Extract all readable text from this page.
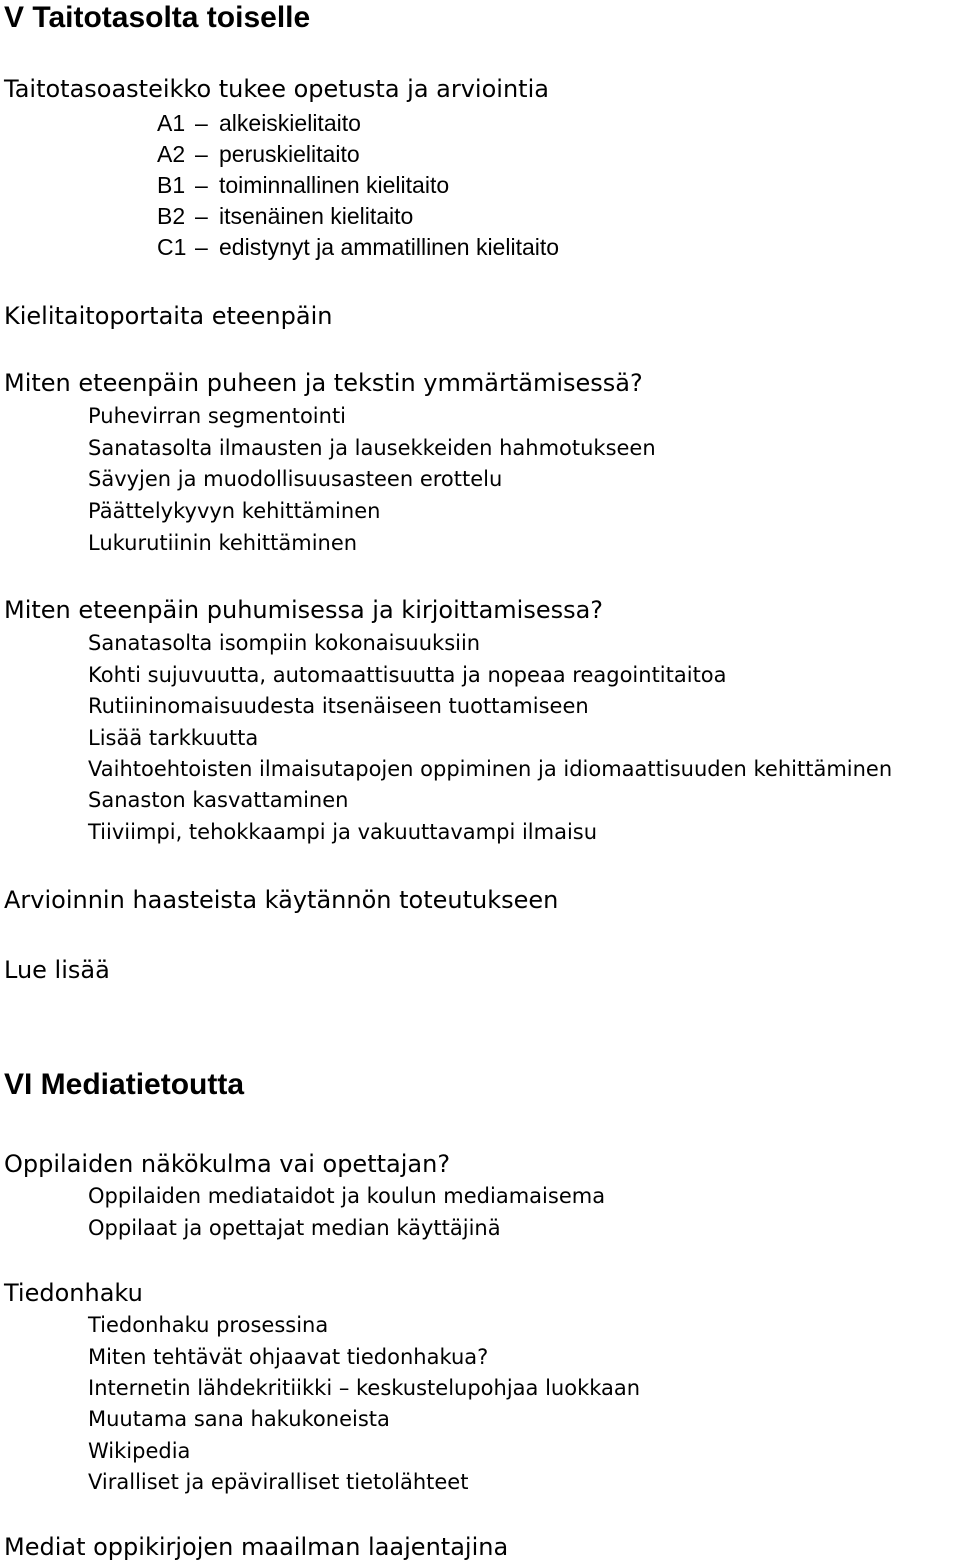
V Taitotasolta toiselle
Taitotasoasteikko tukee opetusta ja arviointia
A1 – alkeiskielitaito
A2 – peruskielitaito
B1 – toiminnallinen kielitaito
B2 – itsenäinen kielitaito
C1 – edistynyt ja ammatillinen kielitaito
Kielitaitoportaita eteenpäin
Miten eteenpäin puheen ja tekstin ymmärtämisessä?
Puhevirran segmentointi
Sanatasolta ilmausten ja lausekkeiden hahmotukseen
Sävyjen ja muodollisuusasteen erottelu
Päättelykyvyn kehittäminen
Lukurutiinin kehittäminen
Miten eteenpäin puhumisessa ja kirjoittamisessa?
Sanatasolta isompiin kokonaisuuksiin
Kohti sujuvuutta, automaattisuutta ja nopeaa reagointitaitoa
Rutiininomaisuudesta itsenäiseen tuottamiseen
Lisää tarkkuutta
Vaihtoehtoisten ilmaisutapojen oppiminen ja idiomaattisuuden kehittäminen
Sanaston kasvattaminen
Tiiviimpi, tehokkaampi ja vakuuttavampi ilmaisu
Arvioinnin haasteista käytännön toteutukseen
Lue lisää
VI Mediatietoutta
Oppilaiden näkökulma vai opettajan?
Oppilaiden mediataidot ja koulun mediamaisema
Oppilaat ja opettajat median käyttäjinä
Tiedonhaku
Tiedonhaku prosessina
Miten tehtävät ohjaavat tiedonhakua?
Internetin lähdekritiikki – keskustelupohjaa luokkaan
Muutama sana hakukoneista
Wikipedia
Viralliset ja epäviralliset tietolähteet
Mediat oppikirjojen maailman laajentajina
